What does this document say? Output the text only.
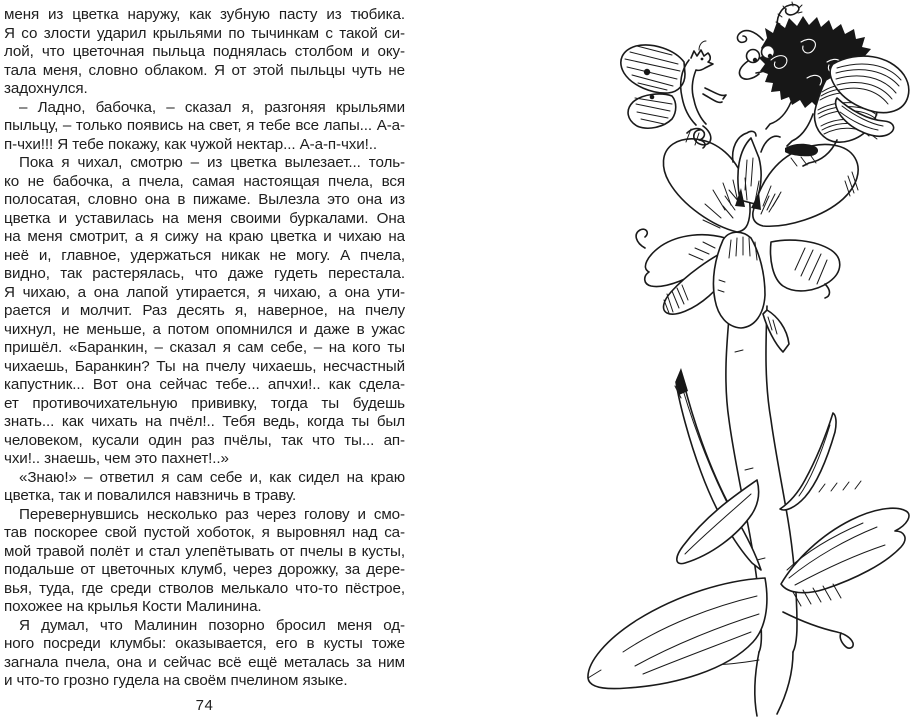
меня из цветка наружу, как зубную пасту из тюбика.
Я со злости ударил крыльями по тычинкам с такой си-
лой, что цветочная пыльца поднялась столбом и оку-
тала меня, словно облаком. Я от этой пыльцы чуть не
задохнулся.
– Ладно, бабочка, – сказал я, разгоняя крыльями
пыльцу, – только появись на свет, я тебе все лапы... А-а-
п-чхи!!! Я тебе покажу, как чужой нектар... А-а-п-чхи!..
Пока я чихал, смотрю – из цветка вылезает... толь-
ко не бабочка, а пчела, самая настоящая пчела, вся
полосатая, словно она в пижаме. Вылезла это она из
цветка и уставилась на меня своими буркалами. Она
на меня смотрит, а я сижу на краю цветка и чихаю на
неё и, главное, удержаться никак не могу. А пчела,
видно, так растерялась, что даже гудеть перестала.
Я чихаю, а она лапой утирается, я чихаю, а она ути-
рается и молчит. Раз десять я, наверное, на пчелу
чихнул, не меньше, а потом опомнился и даже в ужас
пришёл. «Баранкин, – сказал я сам себе, – на кого ты
чихаешь, Баранкин? Ты на пчелу чихаешь, несчастный
капустник... Вот она сейчас тебе... апчхи!.. как сдела-
ет противочихательную прививку, тогда ты будешь
знать... как чихать на пчёл!.. Тебя ведь, когда ты был
человеком, кусали один раз пчёлы, так что ты... ап-
чхи!.. знаешь, чем это пахнет!..»
«Знаю!» – ответил я сам себе и, как сидел на краю
цветка, так и повалился навзничь в траву.
Перевернувшись несколько раз через голову и смо-
тав поскорее свой пустой хоботок, я выровнял над са-
мой травой полёт и стал улепётывать от пчелы в кусты,
подальше от цветочных клумб, через дорожку, за дере-
вья, туда, где среди стволов мелькало что-то пёстрое,
похожее на крылья Кости Малинина.
Я думал, что Малинин позорно бросил меня од-
ного посреди клумбы: оказывается, его в кусты тоже
загнала пчела, она и сейчас всё ещё металась за ним
и что-то грозно гудела на своём пчелином языке.
74
